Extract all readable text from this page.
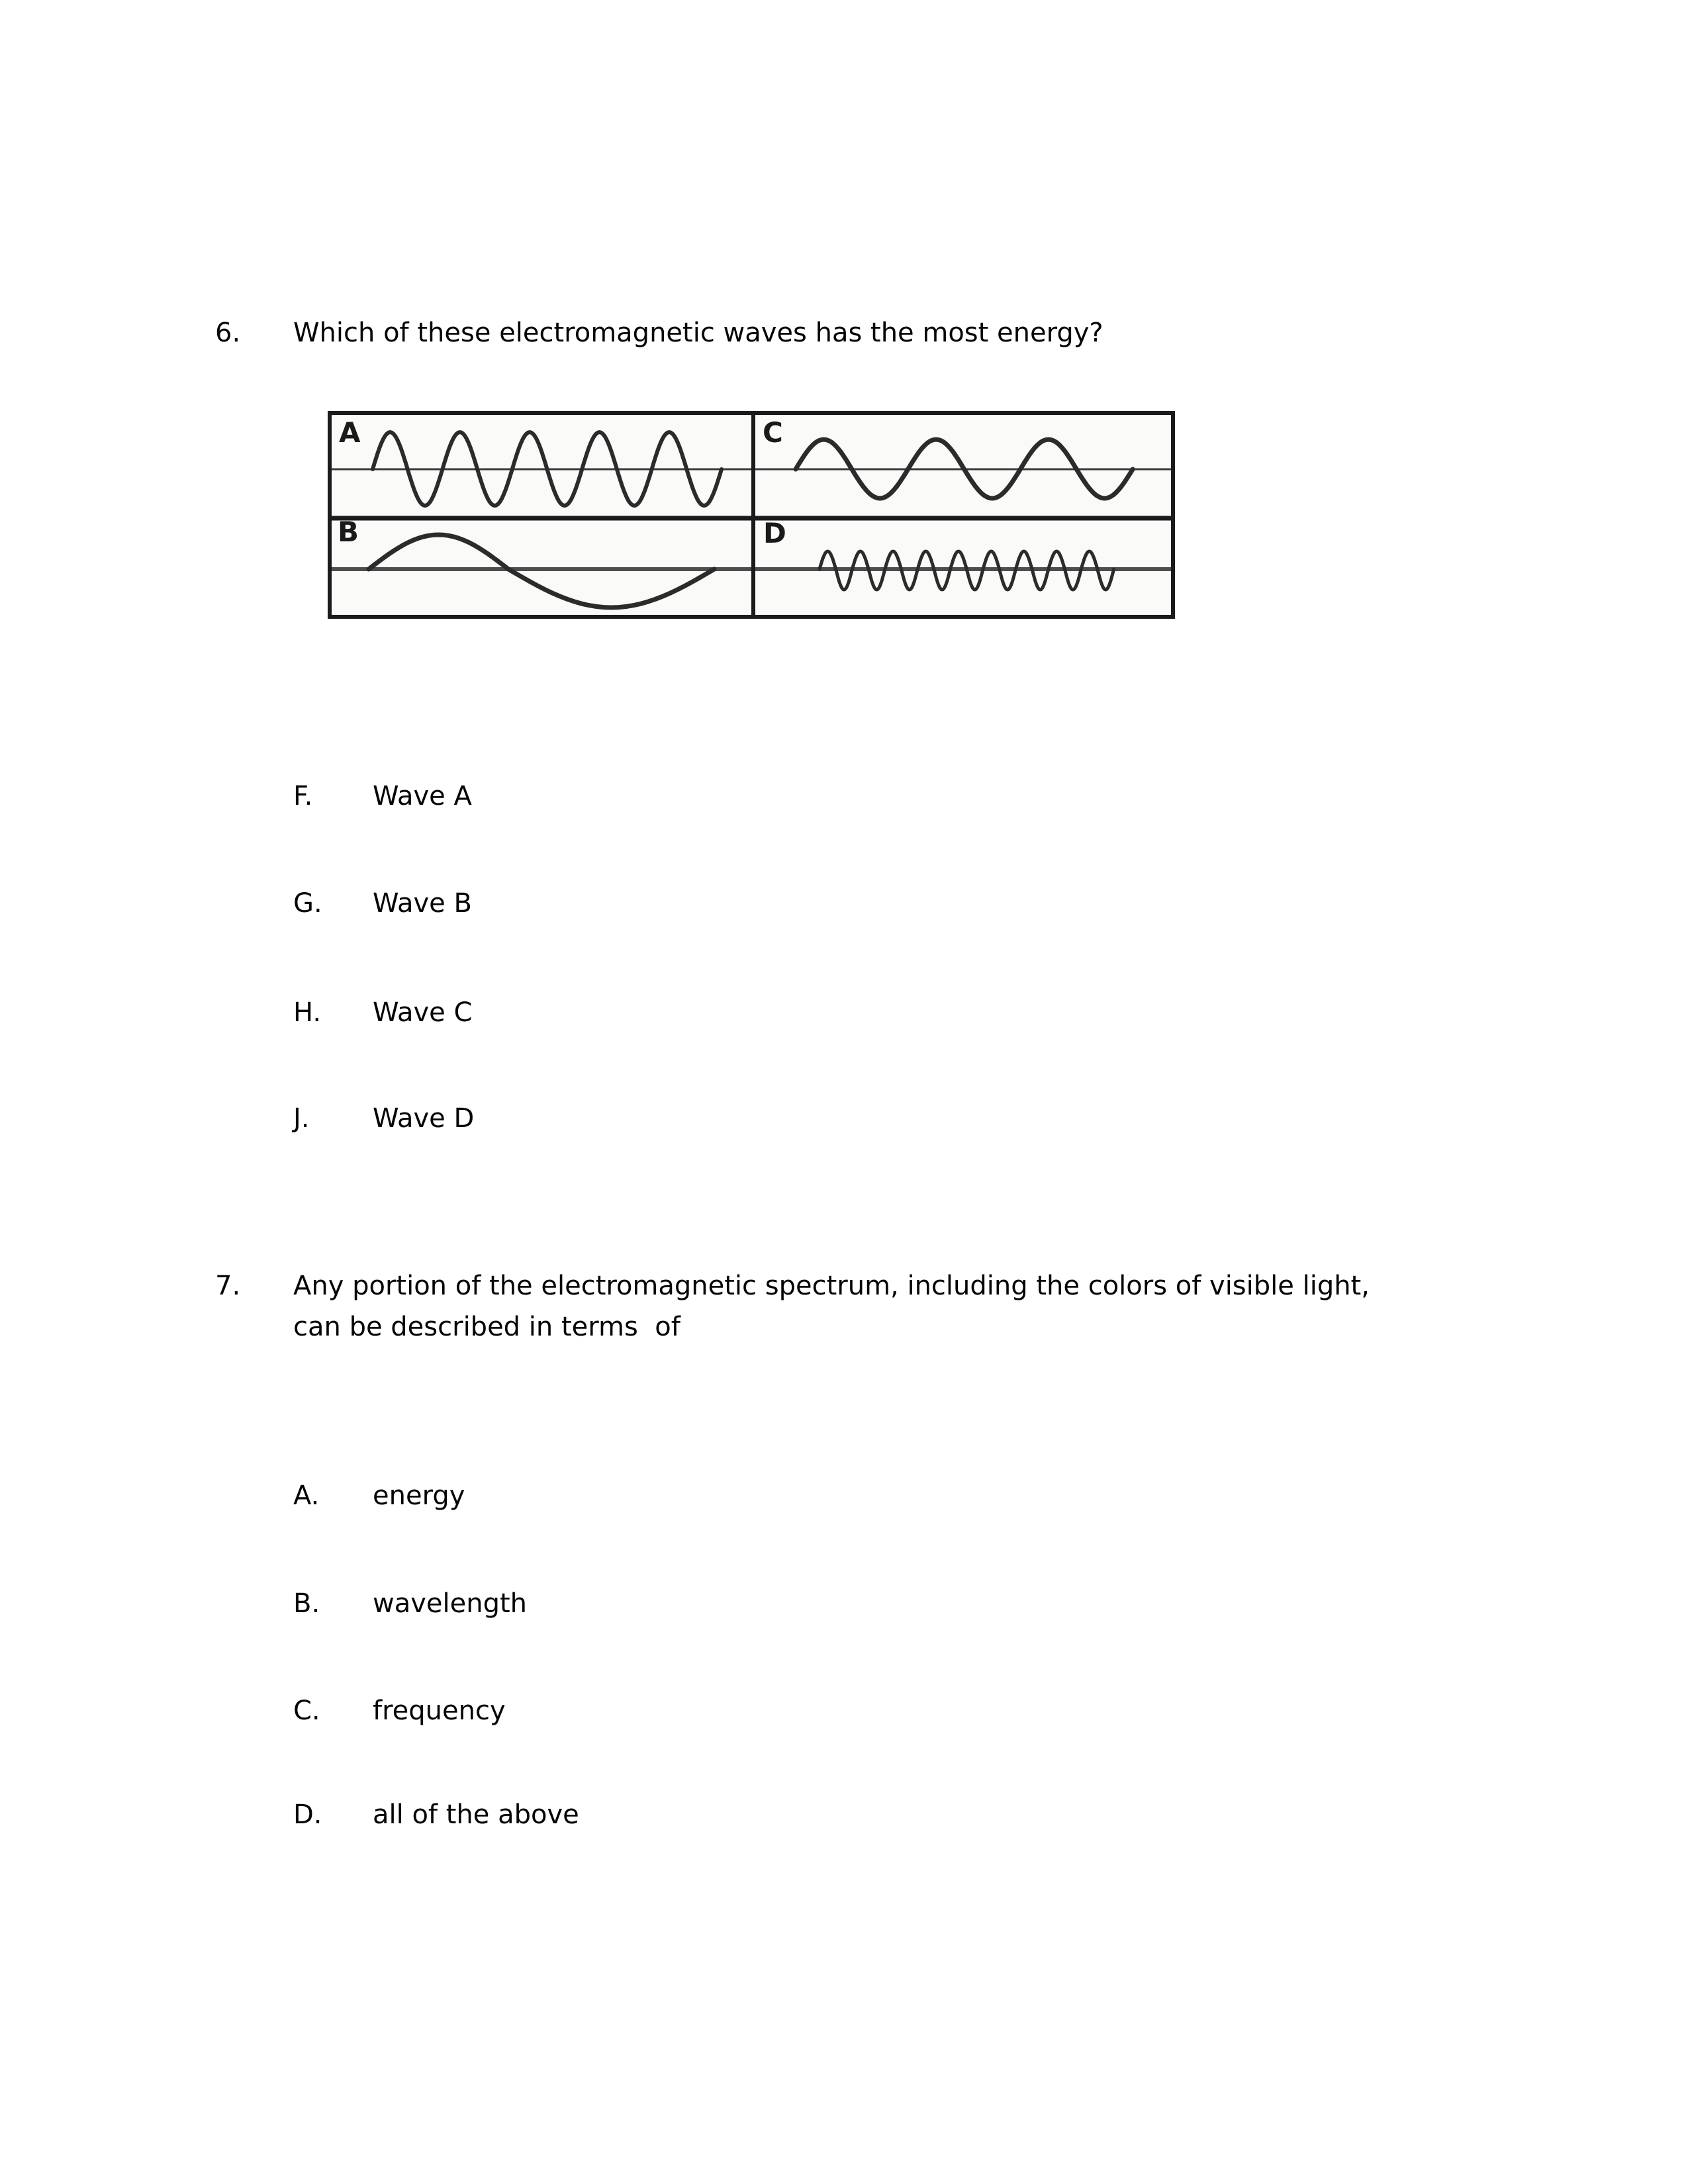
6. Which of these electromagnetic waves has the most energy?
A	C
B	D
F. Wave A
G. Wave B
H. Wave C
J. Wave D
7. Any portion of the electromagnetic spectrum, including the colors of visible light,
can be described in terms  of
A. energy
B. wavelength
C. frequency
D. all of the above
